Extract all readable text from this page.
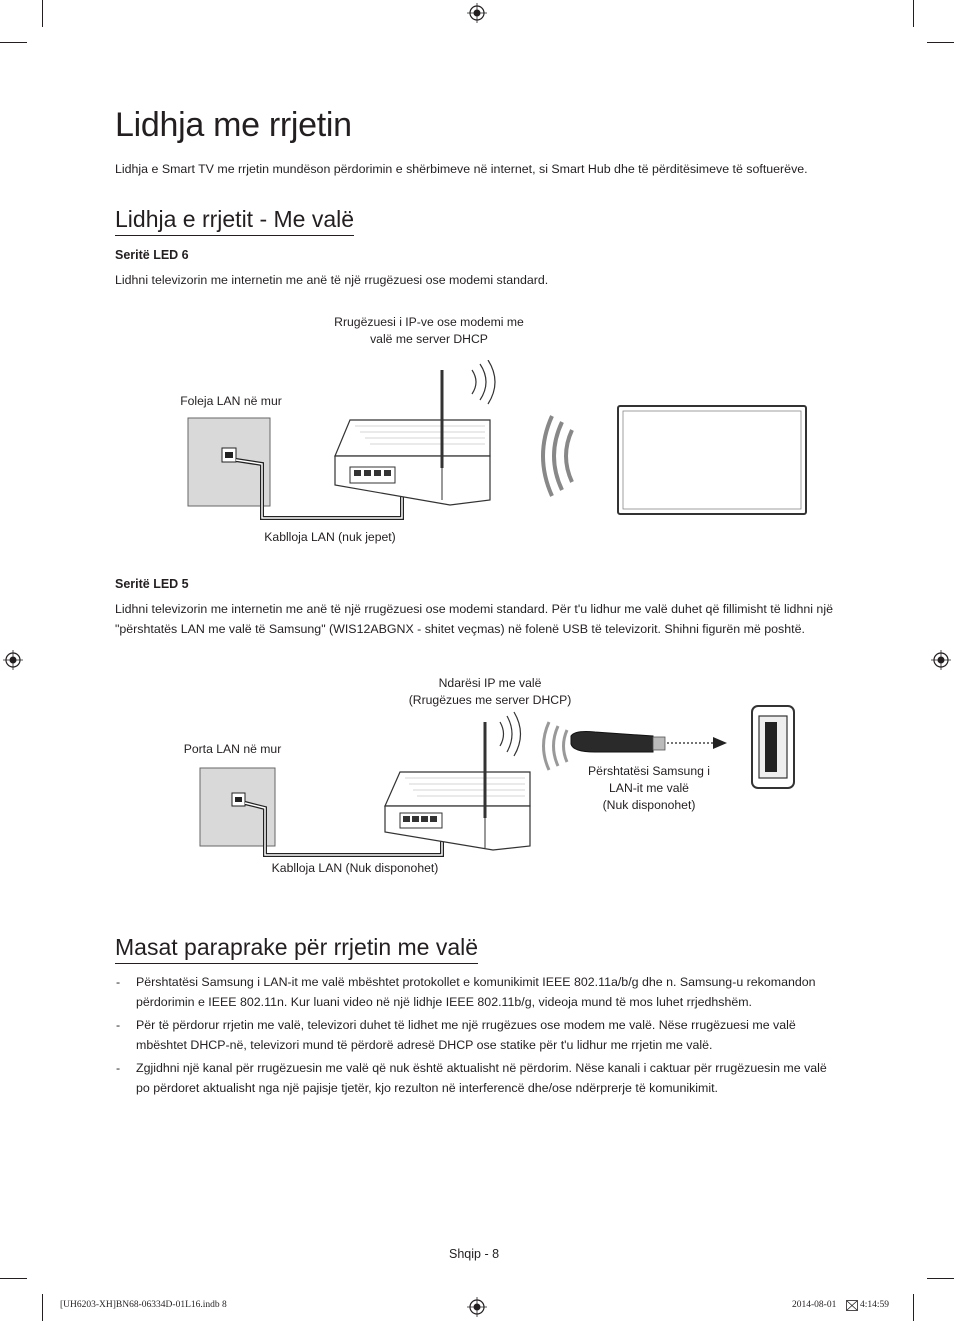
Lidhja me rrjetin
Lidhja e Smart TV me rrjetin mundëson përdorimin e shërbimeve në internet, si Smart Hub dhe të përditësimeve të softuerëve.
Lidhja e rrjetit - Me valë
Seritë LED 6
Lidhni televizorin me internetin me anë të një rrugëzuesi ose modemi standard.
Rrugëzuesi i IP-ve ose modemi me
valë me server DHCP
Foleja LAN në mur
Kablloja LAN (nuk jepet)
Seritë LED 5
Lidhni televizorin me internetin me anë të një rrugëzuesi ose modemi standard. Për t'u lidhur me valë duhet që fillimisht të lidhni një "përshtatës LAN me valë të Samsung" (WIS12ABGNX - shitet veçmas) në folenë USB të televizorit. Shihni figurën më poshtë.
Ndarësi IP me valë
(Rrugëzues me server DHCP)
Porta LAN në mur
Përshtatësi Samsung i
LAN-it me valë
(Nuk disponohet)
Kablloja LAN (Nuk disponohet)
Masat paraprake për rrjetin me valë
- Përshtatësi Samsung i LAN-it me valë mbështet protokollet e komunikimit IEEE 802.11a/b/g dhe n. Samsung-u rekomandon përdorimin e IEEE 802.11n. Kur luani video në një lidhje IEEE 802.11b/g, videoja mund të mos luhet rrjedhshëm.
- Për të përdorur rrjetin me valë, televizori duhet të lidhet me një rrugëzues ose modem me valë. Nëse rrugëzuesi me valë mbështet DHCP-në, televizori mund të përdorë adresë DHCP ose statike për t'u lidhur me rrjetin me valë.
- Zgjidhni një kanal për rrugëzuesin me valë që nuk është aktualisht në përdorim. Nëse kanali i caktuar për rrugëzuesin me valë po përdoret aktualisht nga një pajisje tjetër, kjo rezulton në interferencë dhe/ose ndërprerje të komunikimit.
Shqip - 8
[UH6203-XH]BN68-06334D-01L16.indb 8	2014-08-01 4:14:59
